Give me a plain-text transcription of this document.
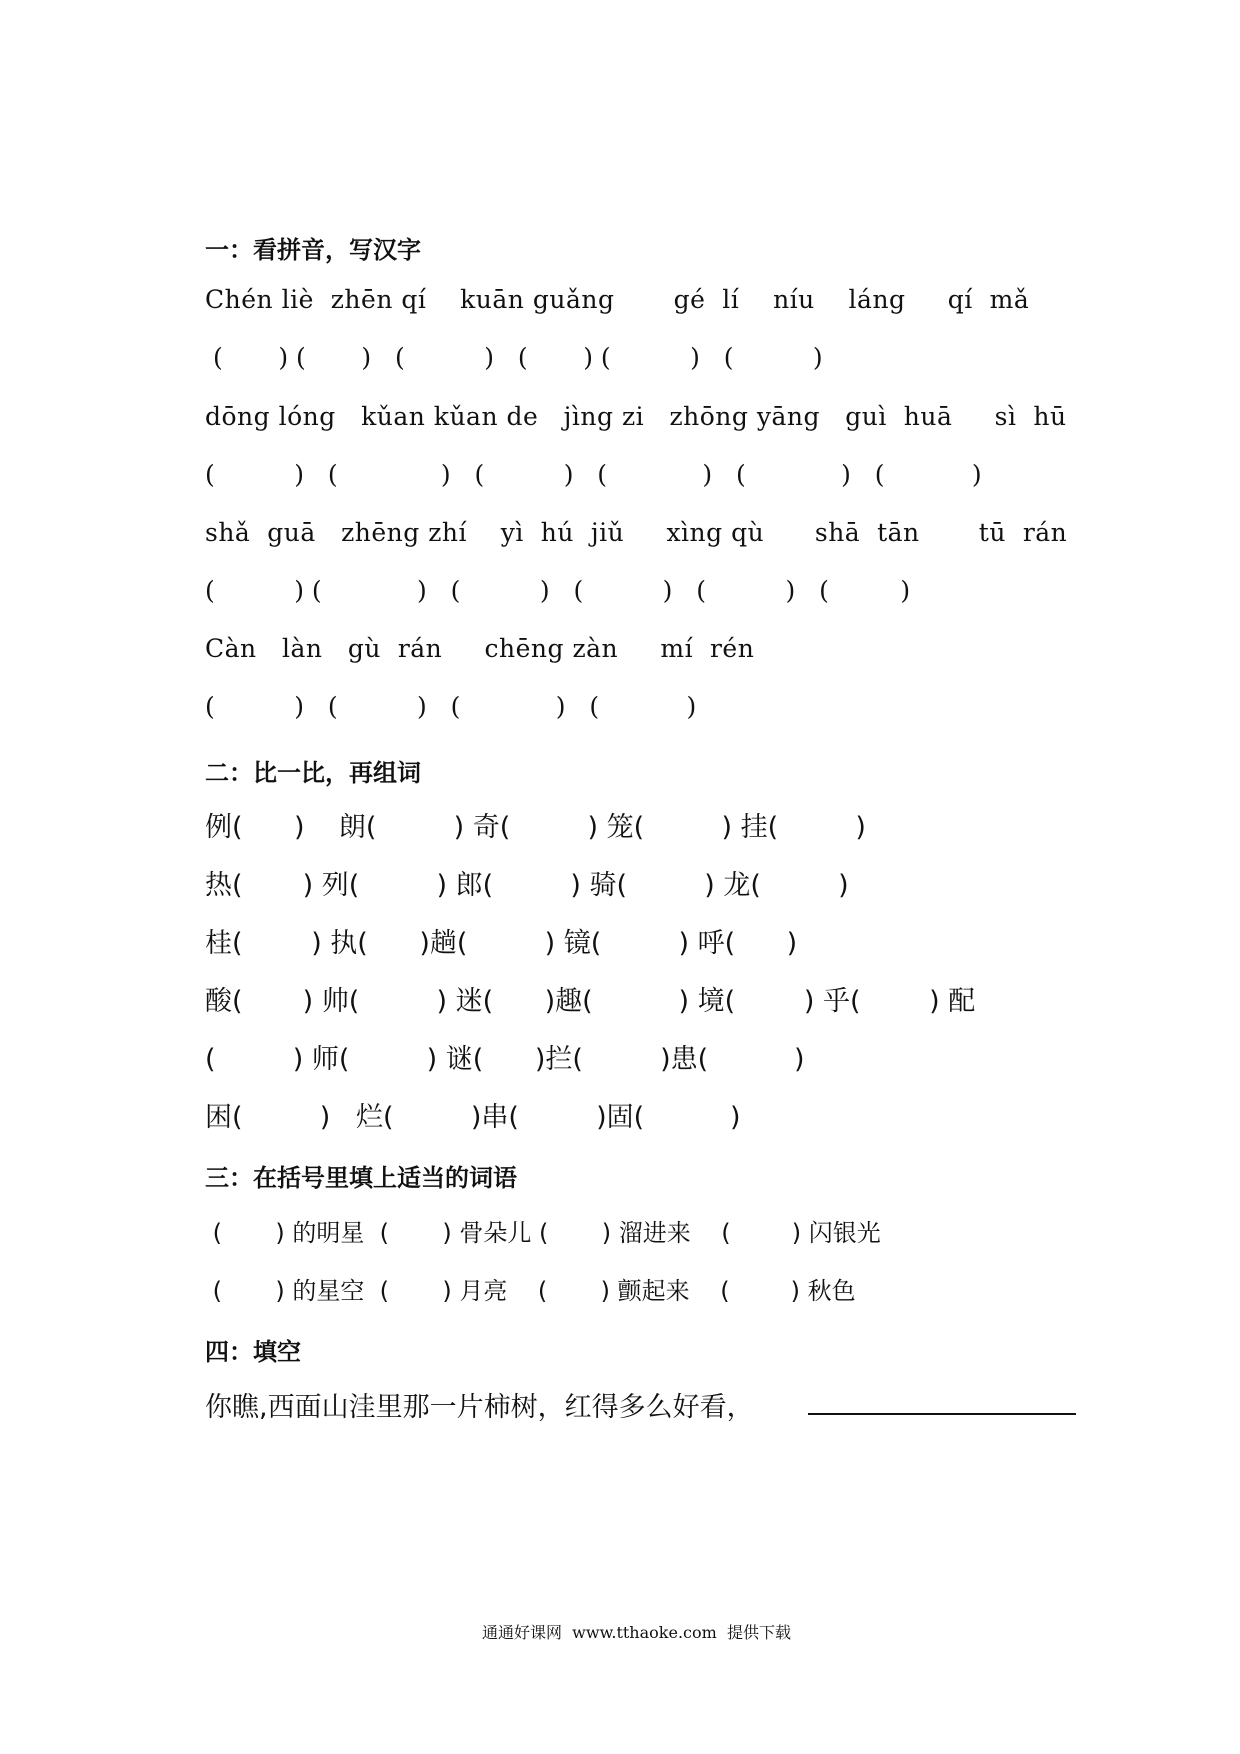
一：看拼音，写汉字
Chén liè  zhēn qí    kuān guǎng       gé  lí    níu    láng     qí  mǎ
(       ) (       )   (          )   (       ) (          )   (          )
dōng lóng   kǔan kǔan de   jìng zi   zhōng yāng   guì  huā     sì  hū
(          )   (             )   (          )   (            )   (            )   (           )
shǎ  guā   zhēng zhí    yì  hú  jiǔ     xìng qù      shā  tān       tū  rán
(          ) (            )   (          )   (          )   (          )   (         )
Càn   làn   gù  rán     chēng zàn     mí  rén
(          )   (          )   (            )   (           )
二：比一比，再组词
例(      )    朗(         ) 奇(         ) 笼(         ) 挂(         )
热(       ) 列(         ) 郎(         ) 骑(         ) 龙(         )
桂(        ) 执(      )趟(         ) 镜(         ) 呼(      )
酸(       ) 帅(         ) 迷(      )趣(          ) 境(        ) 乎(        ) 配
(         ) 师(         ) 谜(      )拦(         )患(          )
困(         )   烂(         )串(         )固(          )
三：在括号里填上适当的词语
(       ) 的明星  (       ) 骨朵儿 (       ) 溜进来    (        ) 闪银光
(       ) 的星空  (       ) 月亮    (       ) 颤起来    (        ) 秋色
四：填空
你瞧,西面山洼里那一片柿树，红得多么好看，
通通好课网  www.tthaoke.com  提供下载
